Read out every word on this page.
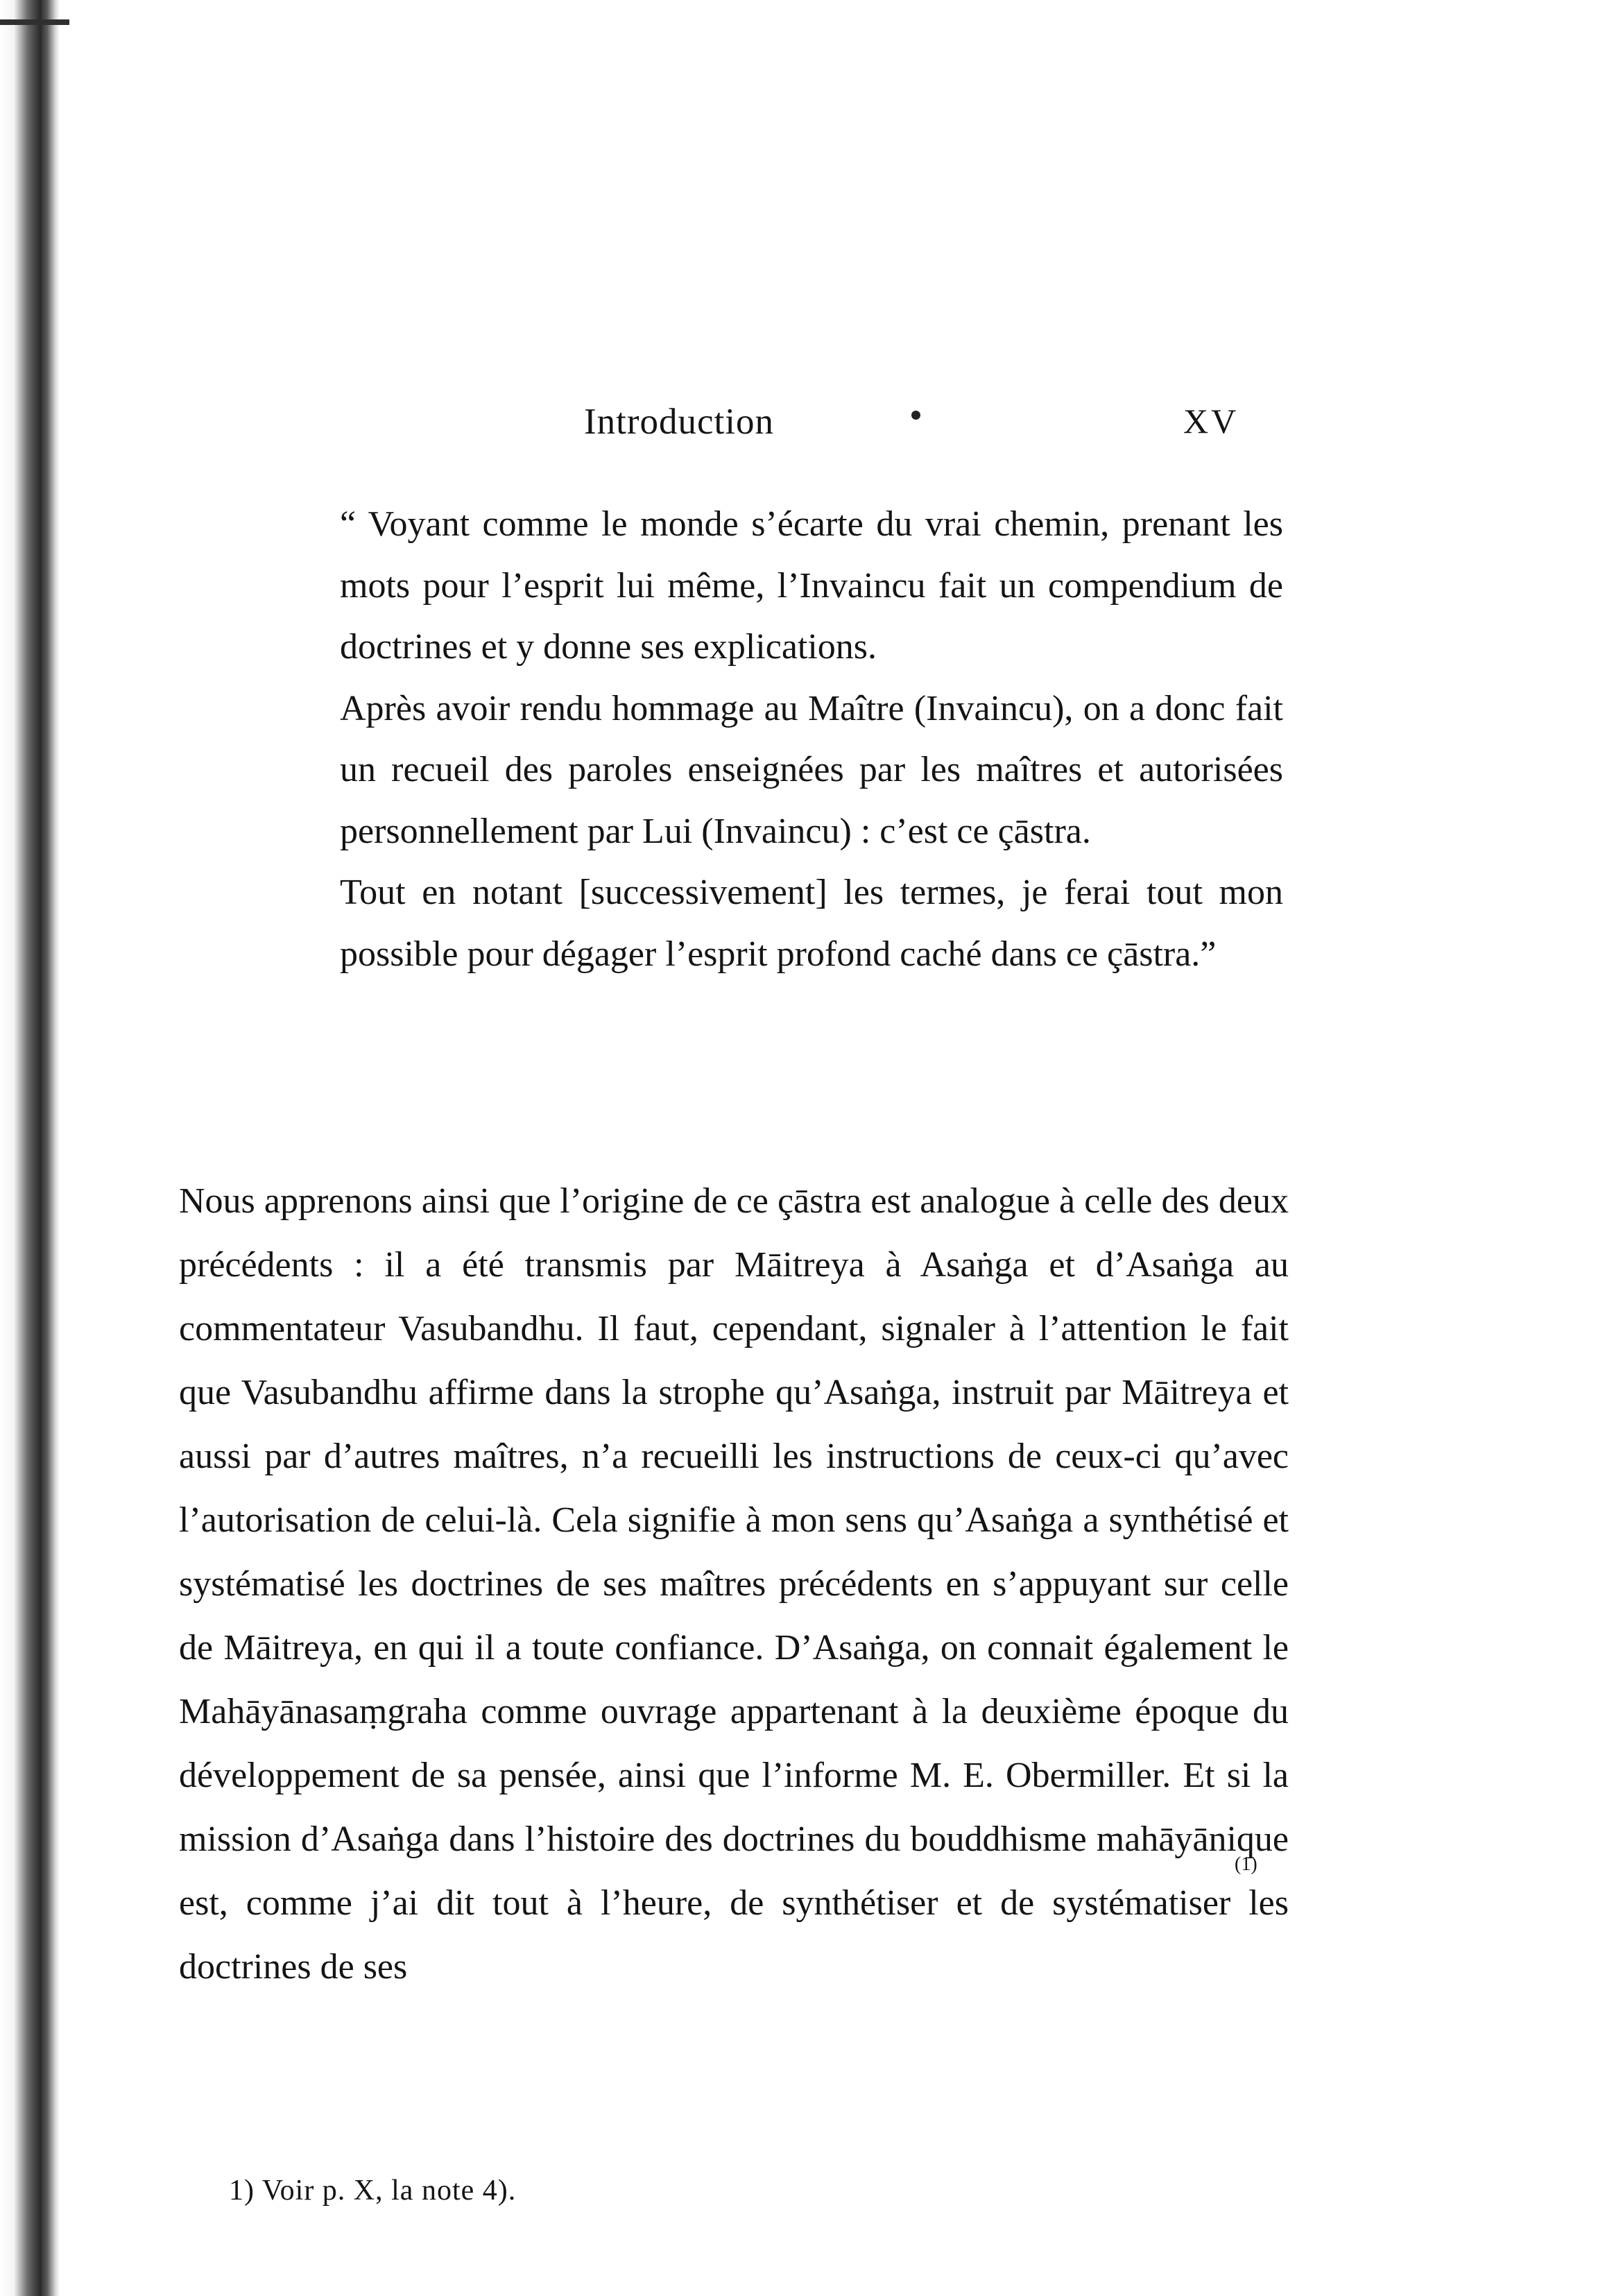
Introduction	XV

“ Voyant comme le monde s’écarte du vrai chemin, prenant les mots pour l’esprit lui même, l’Invaincu fait un compendium de doctrines et y donne ses explications.

Après avoir rendu hommage au Maître (Invaincu), on a donc fait un recueil des paroles enseignées par les maîtres et autorisées personnellement par Lui (Invaincu) : c’est ce çāstra.

Tout en notant [successivement] les termes, je ferai tout mon possible pour dégager l’esprit profond caché dans ce çāstra.”

Nous apprenons ainsi que l’origine de ce çāstra est analogue à celle des deux précédents : il a été transmis par Māitreya à Asaṅga et d’Asaṅga au commentateur Vasubandhu. Il faut, cependant, signaler à l’attention le fait que Vasubandhu affirme dans la strophe qu’Asaṅga, instruit par Māitreya et aussi par d’autres maîtres, n’a recueilli les instructions de ceux-ci qu’avec l’autorisation de celui-là. Cela signifie à mon sens qu’Asaṅga a synthétisé et systématisé les doctrines de ses maîtres précédents en s’appuyant sur celle de Māitreya, en qui il a toute confiance. D’Asaṅga, on connait également le Mahāyānasaṃgraha comme ouvrage appartenant à la deuxième époque du développement de sa pensée, ainsi que l’informe M. E. Obermiller. Et si la mission d’Asaṅga dans l’histoire des doctrines du bouddhisme mahāyānique est, comme j’ai dit tout à l’heure, de synthétiser et de systématiser les doctrines de ses

(1)
1) Voir p. X, la note 4).
